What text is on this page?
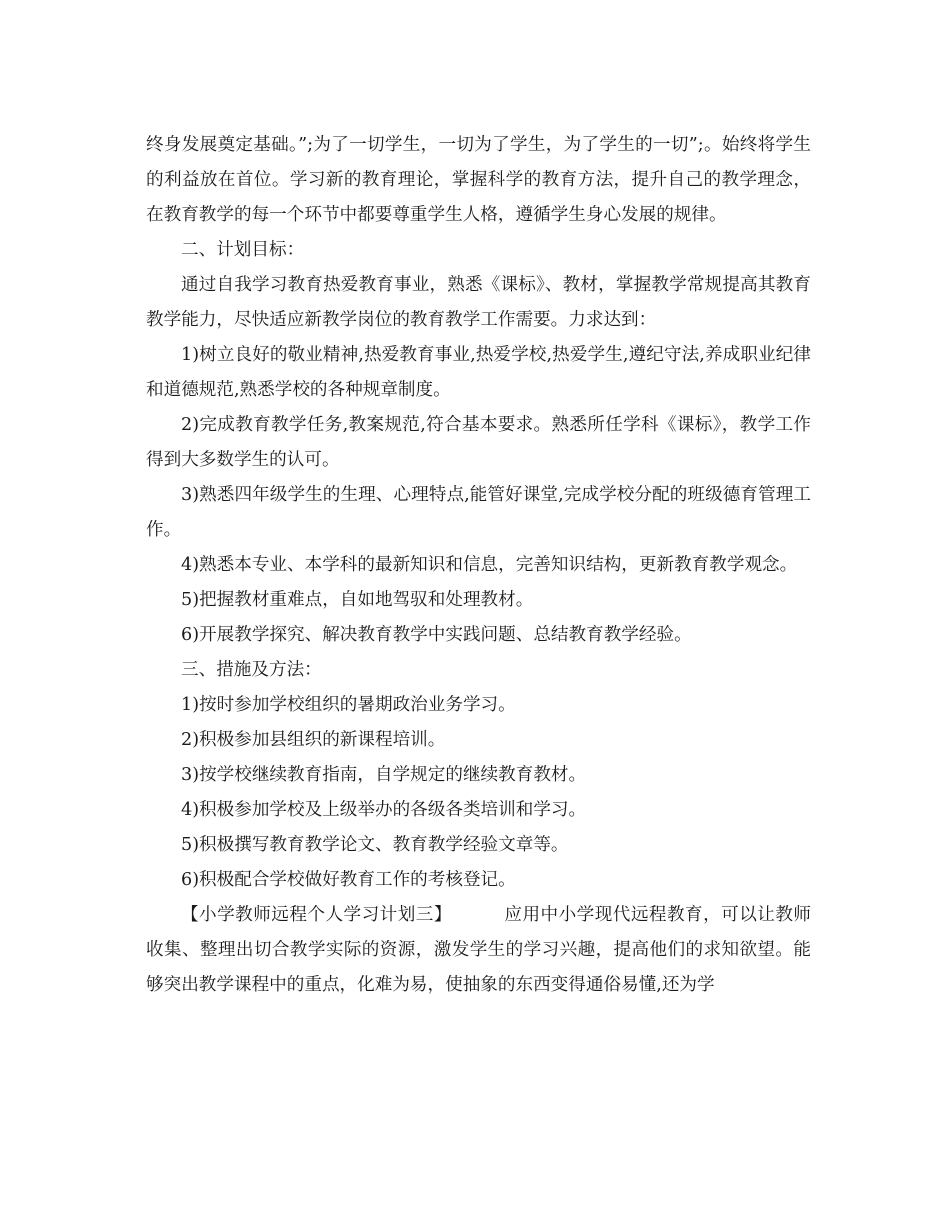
终身发展奠定基础。”;为了一切学生，一切为了学生，为了学生的一切”;。始终将学生的利益放在首位。学习新的教育理论，掌握科学的教育方法，提升自己的教学理念，在教育教学的每一个环节中都要尊重学生人格，遵循学生身心发展的规律。

二、计划目标：

通过自我学习教育热爱教育事业，熟悉《课标》、教材，掌握教学常规提高其教育教学能力，尽快适应新教学岗位的教育教学工作需要。力求达到：

1)树立良好的敬业精神,热爱教育事业,热爱学校,热爱学生,遵纪守法,养成职业纪律和道德规范,熟悉学校的各种规章制度。

2)完成教育教学任务,教案规范,符合基本要求。熟悉所任学科《课标》，教学工作得到大多数学生的认可。

3)熟悉四年级学生的生理、心理特点,能管好课堂,完成学校分配的班级德育管理工作。

4)熟悉本专业、本学科的最新知识和信息，完善知识结构，更新教育教学观念。

5)把握教材重难点，自如地驾驭和处理教材。

6)开展教学探究、解决教育教学中实践问题、总结教育教学经验。

三、措施及方法：

1)按时参加学校组织的暑期政治业务学习。

2)积极参加县组织的新课程培训。

3)按学校继续教育指南，自学规定的继续教育教材。

4)积极参加学校及上级举办的各级各类培训和学习。

5)积极撰写教育教学论文、教育教学经验文章等。

6)积极配合学校做好教育工作的考核登记。

【小学教师远程个人学习计划三】	应用中小学现代远程教育，可以让教师收集、整理出切合教学实际的资源，激发学生的学习兴趣，提高他们的求知欲望。能够突出教学课程中的重点，化难为易，使抽象的东西变得通俗易懂,还为学
